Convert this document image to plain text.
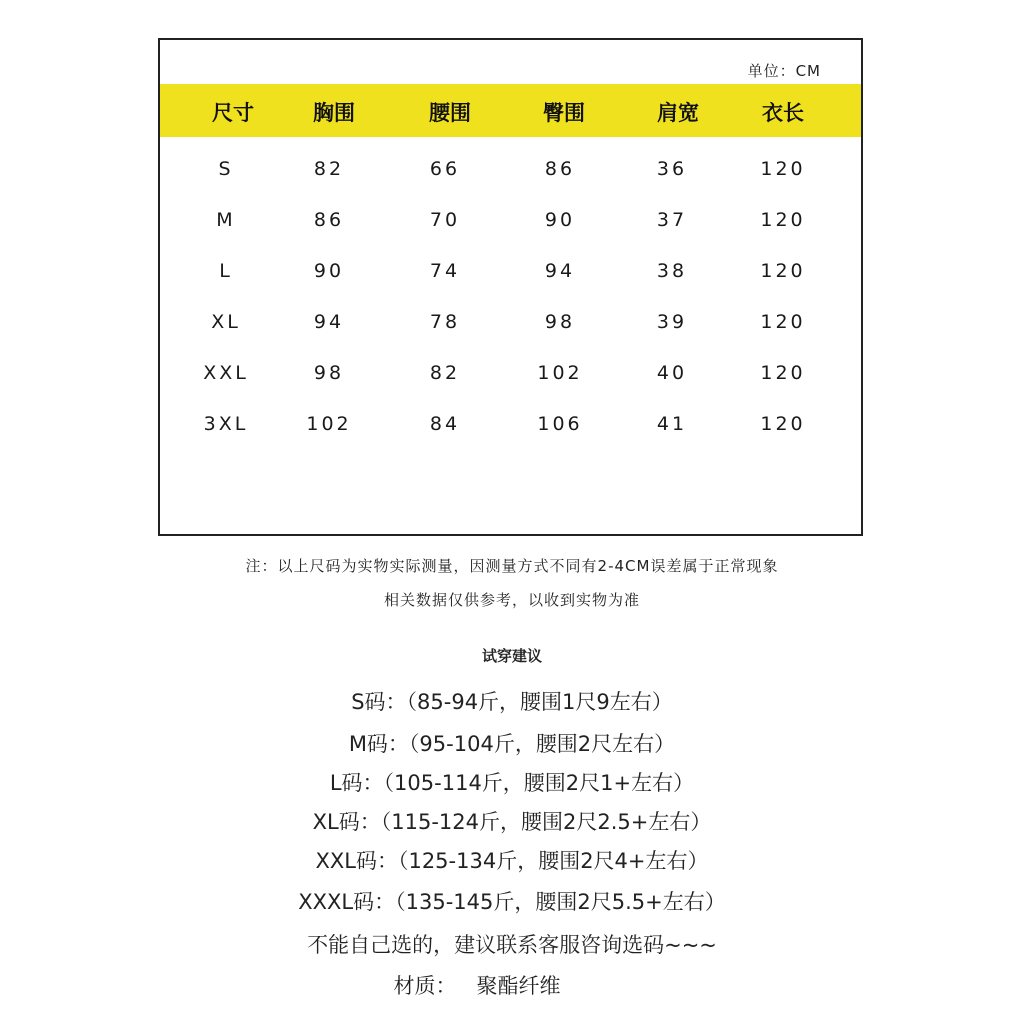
单位：CM
尺寸	胸围	腰围	臀围	肩宽	衣长
S	82	66	86	36	120
M	86	70	90	37	120
L	90	74	94	38	120
XL	94	78	98	39	120
XXL	98	82	102	40	120
3XL	102	84	106	41	120
注：以上尺码为实物实际测量，因测量方式不同有2-4CM误差属于正常现象
相关数据仅供参考，以收到实物为准
试穿建议
S码：（85-94斤，腰围1尺9左右）
M码：（95-104斤，腰围2尺左右）
L码：（105-114斤，腰围2尺1+左右）
XL码：（115-124斤，腰围2尺2.5+左右）
XXL码：（125-134斤，腰围2尺4+左右）
XXXL码：（135-145斤，腰围2尺5.5+左右）
不能自己选的，建议联系客服咨询选码~~~
材质：   聚酯纤维
